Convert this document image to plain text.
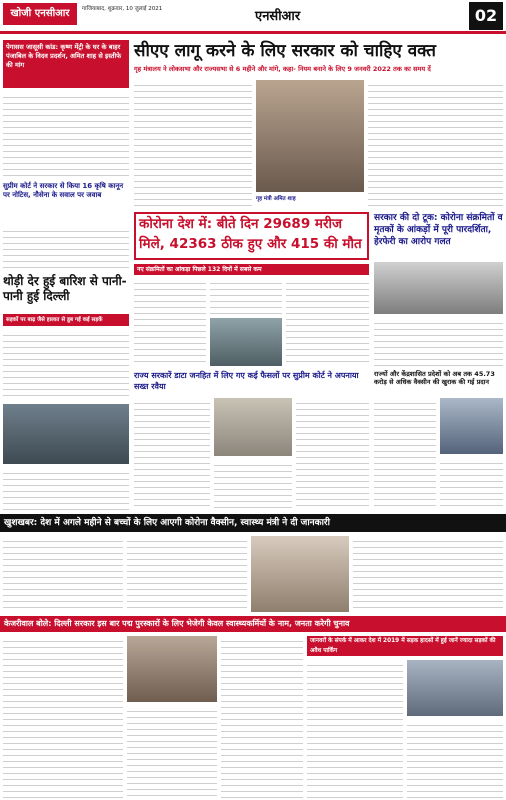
खोजी एनसीआर	गाजियाबाद, शुक्रवार, 10 जुलाई 2021	एनसीआर	02
पेगासस जासूसी कांड: कृष्ण मेंट्री के घर के बाहर पंजाबिल के विदव प्रदर्शन, अमित शाह से इस्तीफे की मांग
सुप्रीम कोर्ट ने सरकार से किया 16 कृषि कानून पर नोटिस, नौसेना के सवाल पर जवाब
थोड़ी देर हुई बारिश से पानी-पानी हुई दिल्ली
सड़कों पर बाढ़ जैसे हालात से डूब गई कई सड़कें
सीएए लागू करने के लिए सरकार को चाहिए वक्त
गृह मंत्रालय ने लोकसभा और राज्यसभा से 6 महीने और मांगे, कहा- नियम बनाने के लिए 9 जनवरी 2022 तक का समय दें
गृह मंत्री अमित शाह
कोरोना देश में: बीते दिन 29689 मरीज
मिले, 42363 ठीक हुए और 415 की मौत
सरकार की दो टूक: कोरोना संक्रमितों व मृतकों के आंकड़ों में पूरी पारदर्शिता, हेरफेरी का आरोप गलत
नए संक्रमितों का आंकड़ा पिछले 132 दिनों में सबसे कम
राज्य सरकारें डाटा जनहित में लिए गए कई फैसलों पर सुप्रीम कोर्ट ने अपनाया सख्त रवैया
राज्यों और केंद्रशासित प्रदेशों को अब तक 45.73 करोड़ से अधिक वैक्सीन की खुराक की गई प्रदान
खुशखबर: देश में अगले महीने से बच्चों के लिए आएगी कोरोना वैक्सीन, स्वास्थ्य मंत्री ने दी जानकारी
केजरीवाल बोले: दिल्ली सरकार इस बार पद्म पुरस्कारों के लिए भेजेगी केवल स्वास्थ्यकर्मियों के नाम, जनता करेगी चुनाव
जानवरों के संपर्क में आकर देश में 2019 में सड़क हादसों में हुई जानें ज्यादा सड़कों की अवैध पार्किंग
